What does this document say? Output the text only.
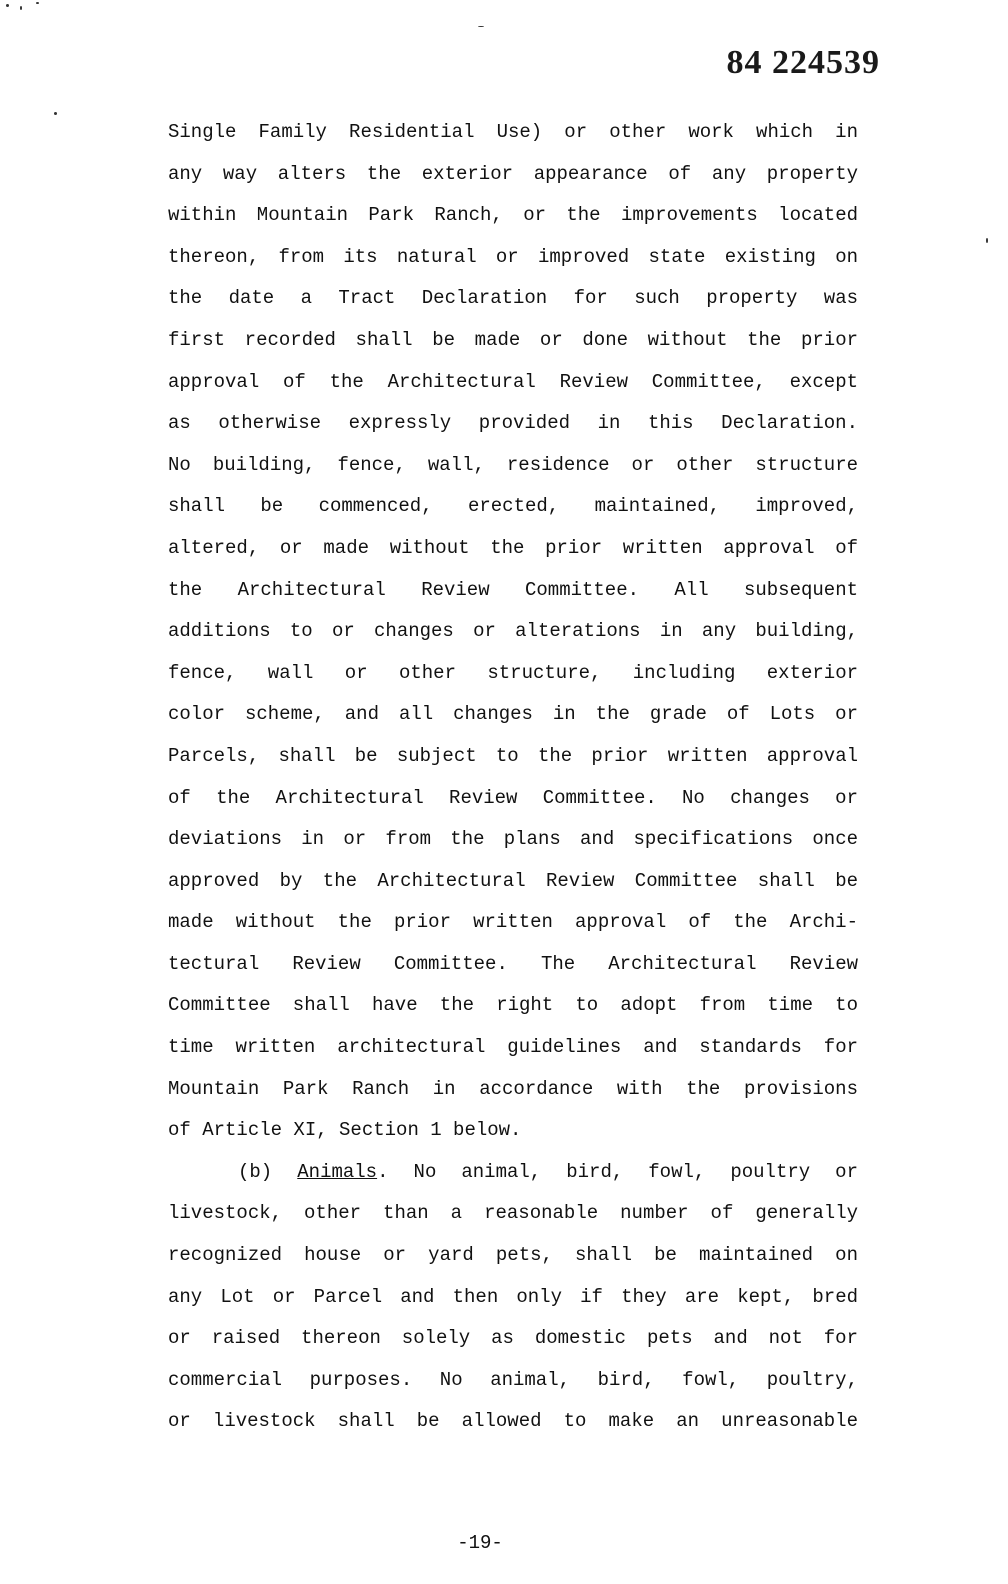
84 224539
Single Family Residential Use) or other work which in
any way alters the exterior appearance of any property
within Mountain Park Ranch, or the improvements located
thereon, from its natural or improved state existing on
the date a Tract Declaration for such property was
first recorded shall be made or done without the prior
approval of the Architectural Review Committee, except
as otherwise expressly provided in this Declaration.
No building, fence, wall, residence or other structure
shall be commenced, erected, maintained, improved,
altered, or made without the prior written approval of
the Architectural Review Committee. All subsequent
additions to or changes or alterations in any building,
fence, wall or other structure, including exterior
color scheme, and all changes in the grade of Lots or
Parcels, shall be subject to the prior written approval
of the Architectural Review Committee. No changes or
deviations in or from the plans and specifications once
approved by the Architectural Review Committee shall be
made without the prior written approval of the Archi-
tectural Review Committee. The Architectural Review
Committee shall have the right to adopt from time to
time written architectural guidelines and standards for
Mountain Park Ranch in accordance with the provisions
of Article XI, Section 1 below.
(b) Animals. No animal, bird, fowl, poultry or
livestock, other than a reasonable number of generally
recognized house or yard pets, shall be maintained on
any Lot or Parcel and then only if they are kept, bred
or raised thereon solely as domestic pets and not for
commercial purposes. No animal, bird, fowl, poultry,
or livestock shall be allowed to make an unreasonable
-19-
